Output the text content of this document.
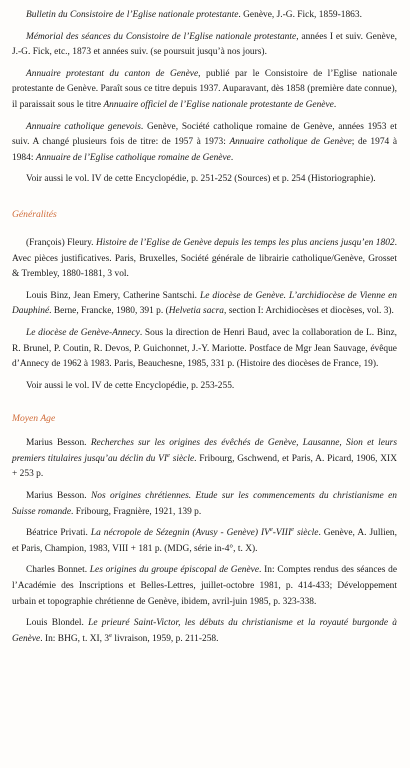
Bulletin du Consistoire de l’Eglise nationale protestante. Genève, J.-G. Fick, 1859-1863.

Mémorial des séances du Consistoire de l’Eglise nationale protestante, années I et suiv. Genève, J.-G. Fick, etc., 1873 et années suiv. (se poursuit jusqu’à nos jours).

Annuaire protestant du canton de Genève, publié par le Consistoire de l’Eglise nationale protestante de Genève. Paraît sous ce titre depuis 1937. Auparavant, dès 1858 (première date connue), il paraissait sous le titre Annuaire officiel de l’Eglise nationale protestante de Genève.

Annuaire catholique genevois. Genève, Société catholique romaine de Genève, années 1953 et suiv. A changé plusieurs fois de titre: de 1957 à 1973: Annuaire catholique de Genève; de 1974 à 1984: Annuaire de l’Eglise catholique romaine de Genève.

Voir aussi le vol. IV de cette Encyclopédie, p. 251-252 (Sources) et p. 254 (Historiographie).

Généralités

(François) Fleury. Histoire de l’Eglise de Genève depuis les temps les plus anciens jusqu’en 1802. Avec pièces justificatives. Paris, Bruxelles, Société générale de librairie catholique/Genève, Grosset & Trembley, 1880-1881, 3 vol.

Louis Binz, Jean Emery, Catherine Santschi. Le diocèse de Genève. L’archidiocèse de Vienne en Dauphiné. Berne, Francke, 1980, 391 p. (Helvetia sacra, section I: Archidiocèses et diocèses, vol. 3).

Le diocèse de Genève-Annecy. Sous la direction de Henri Baud, avec la collaboration de L. Binz, R. Brunel, P. Coutin, R. Devos, P. Guichonnet, J.-Y. Mariotte. Postface de Mgr Jean Sauvage, évêque d’Annecy de 1962 à 1983. Paris, Beauchesne, 1985, 331 p. (Histoire des diocèses de France, 19).

Voir aussi le vol. IV de cette Encyclopédie, p. 253-255.

Moyen Age

Marius Besson. Recherches sur les origines des évêchés de Genève, Lausanne, Sion et leurs premiers titulaires jusqu’au déclin du VIe siècle. Fribourg, Gschwend, et Paris, A. Picard, 1906, XIX + 253 p.

Marius Besson. Nos origines chrétiennes. Etude sur les commencements du christianisme en Suisse romande. Fribourg, Fragnière, 1921, 139 p.

Béatrice Privati. La nécropole de Sézegnin (Avusy - Genève) IVe-VIIIe siècle. Genève, A. Jullien, et Paris, Champion, 1983, VIII + 181 p. (MDG, série in-4°, t. X).

Charles Bonnet. Les origines du groupe épiscopal de Genève. In: Comptes rendus des séances de l’Académie des Inscriptions et Belles-Lettres, juillet-octobre 1981, p. 414-433; Développement urbain et topographie chrétienne de Genève, ibidem, avril-juin 1985, p. 323-338.

Louis Blondel. Le prieuré Saint-Victor, les débuts du christianisme et la royauté burgonde à Genève. In: BHG, t. XI, 3e livraison, 1959, p. 211-258.
